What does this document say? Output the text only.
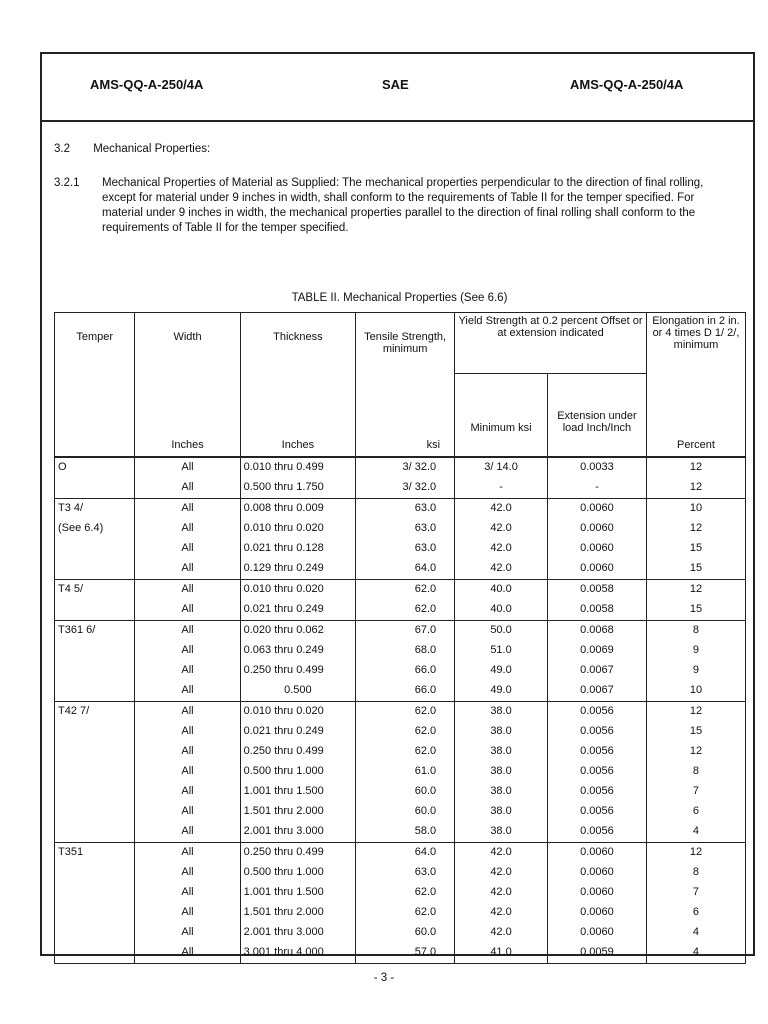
AMS-QQ-A-250/4A	SAE	AMS-QQ-A-250/4A
3.2 Mechanical Properties:
3.2.1	Mechanical Properties of Material as Supplied: The mechanical properties perpendicular to the direction of final rolling, except for material under 9 inches in width, shall conform to the requirements of Table II for the temper specified. For material under 9 inches in width, the mechanical properties parallel to the direction of final rolling shall conform to the requirements of Table II for the temper specified.
TABLE II. Mechanical Properties (See 6.6)
Temper	Width	Thickness	Tensile Strength, minimum	Yield Strength at 0.2 percent Offset or at extension indicated		Elongation in 2 in. or 4 times D 1/ 2/, minimum
				Minimum ksi	Extension under load Inch/Inch	
	Inches	Inches	ksi			Percent
O	All	0.010 thru 0.499	3/ 32.0	3/ 14.0	0.0033	12
	All	0.500 thru 1.750	3/ 32.0	-	-	12
T3 4/	All	0.008 thru 0.009	63.0	42.0	0.0060	10
(See 6.4)	All	0.010 thru 0.020	63.0	42.0	0.0060	12
	All	0.021 thru 0.128	63.0	42.0	0.0060	15
	All	0.129 thru 0.249	64.0	42.0	0.0060	15
T4 5/	All	0.010 thru 0.020	62.0	40.0	0.0058	12
	All	0.021 thru 0.249	62.0	40.0	0.0058	15
T361 6/	All	0.020 thru 0.062	67.0	50.0	0.0068	8
	All	0.063 thru 0.249	68.0	51.0	0.0069	9
	All	0.250 thru 0.499	66.0	49.0	0.0067	9
	All	0.500	66.0	49.0	0.0067	10
T42 7/	All	0.010 thru 0.020	62.0	38.0	0.0056	12
	All	0.021 thru 0.249	62.0	38.0	0.0056	15
	All	0.250 thru 0.499	62.0	38.0	0.0056	12
	All	0.500 thru 1.000	61.0	38.0	0.0056	8
	All	1.001 thru 1.500	60.0	38.0	0.0056	7
	All	1.501 thru 2.000	60.0	38.0	0.0056	6
	All	2.001 thru 3.000	58.0	38.0	0.0056	4
T351	All	0.250 thru 0.499	64.0	42.0	0.0060	12
	All	0.500 thru 1.000	63.0	42.0	0.0060	8
	All	1.001 thru 1.500	62.0	42.0	0.0060	7
	All	1.501 thru 2.000	62.0	42.0	0.0060	6
	All	2.001 thru 3.000	60.0	42.0	0.0060	4
	All	3.001 thru 4.000	57.0	41.0	0.0059	4
- 3 -
